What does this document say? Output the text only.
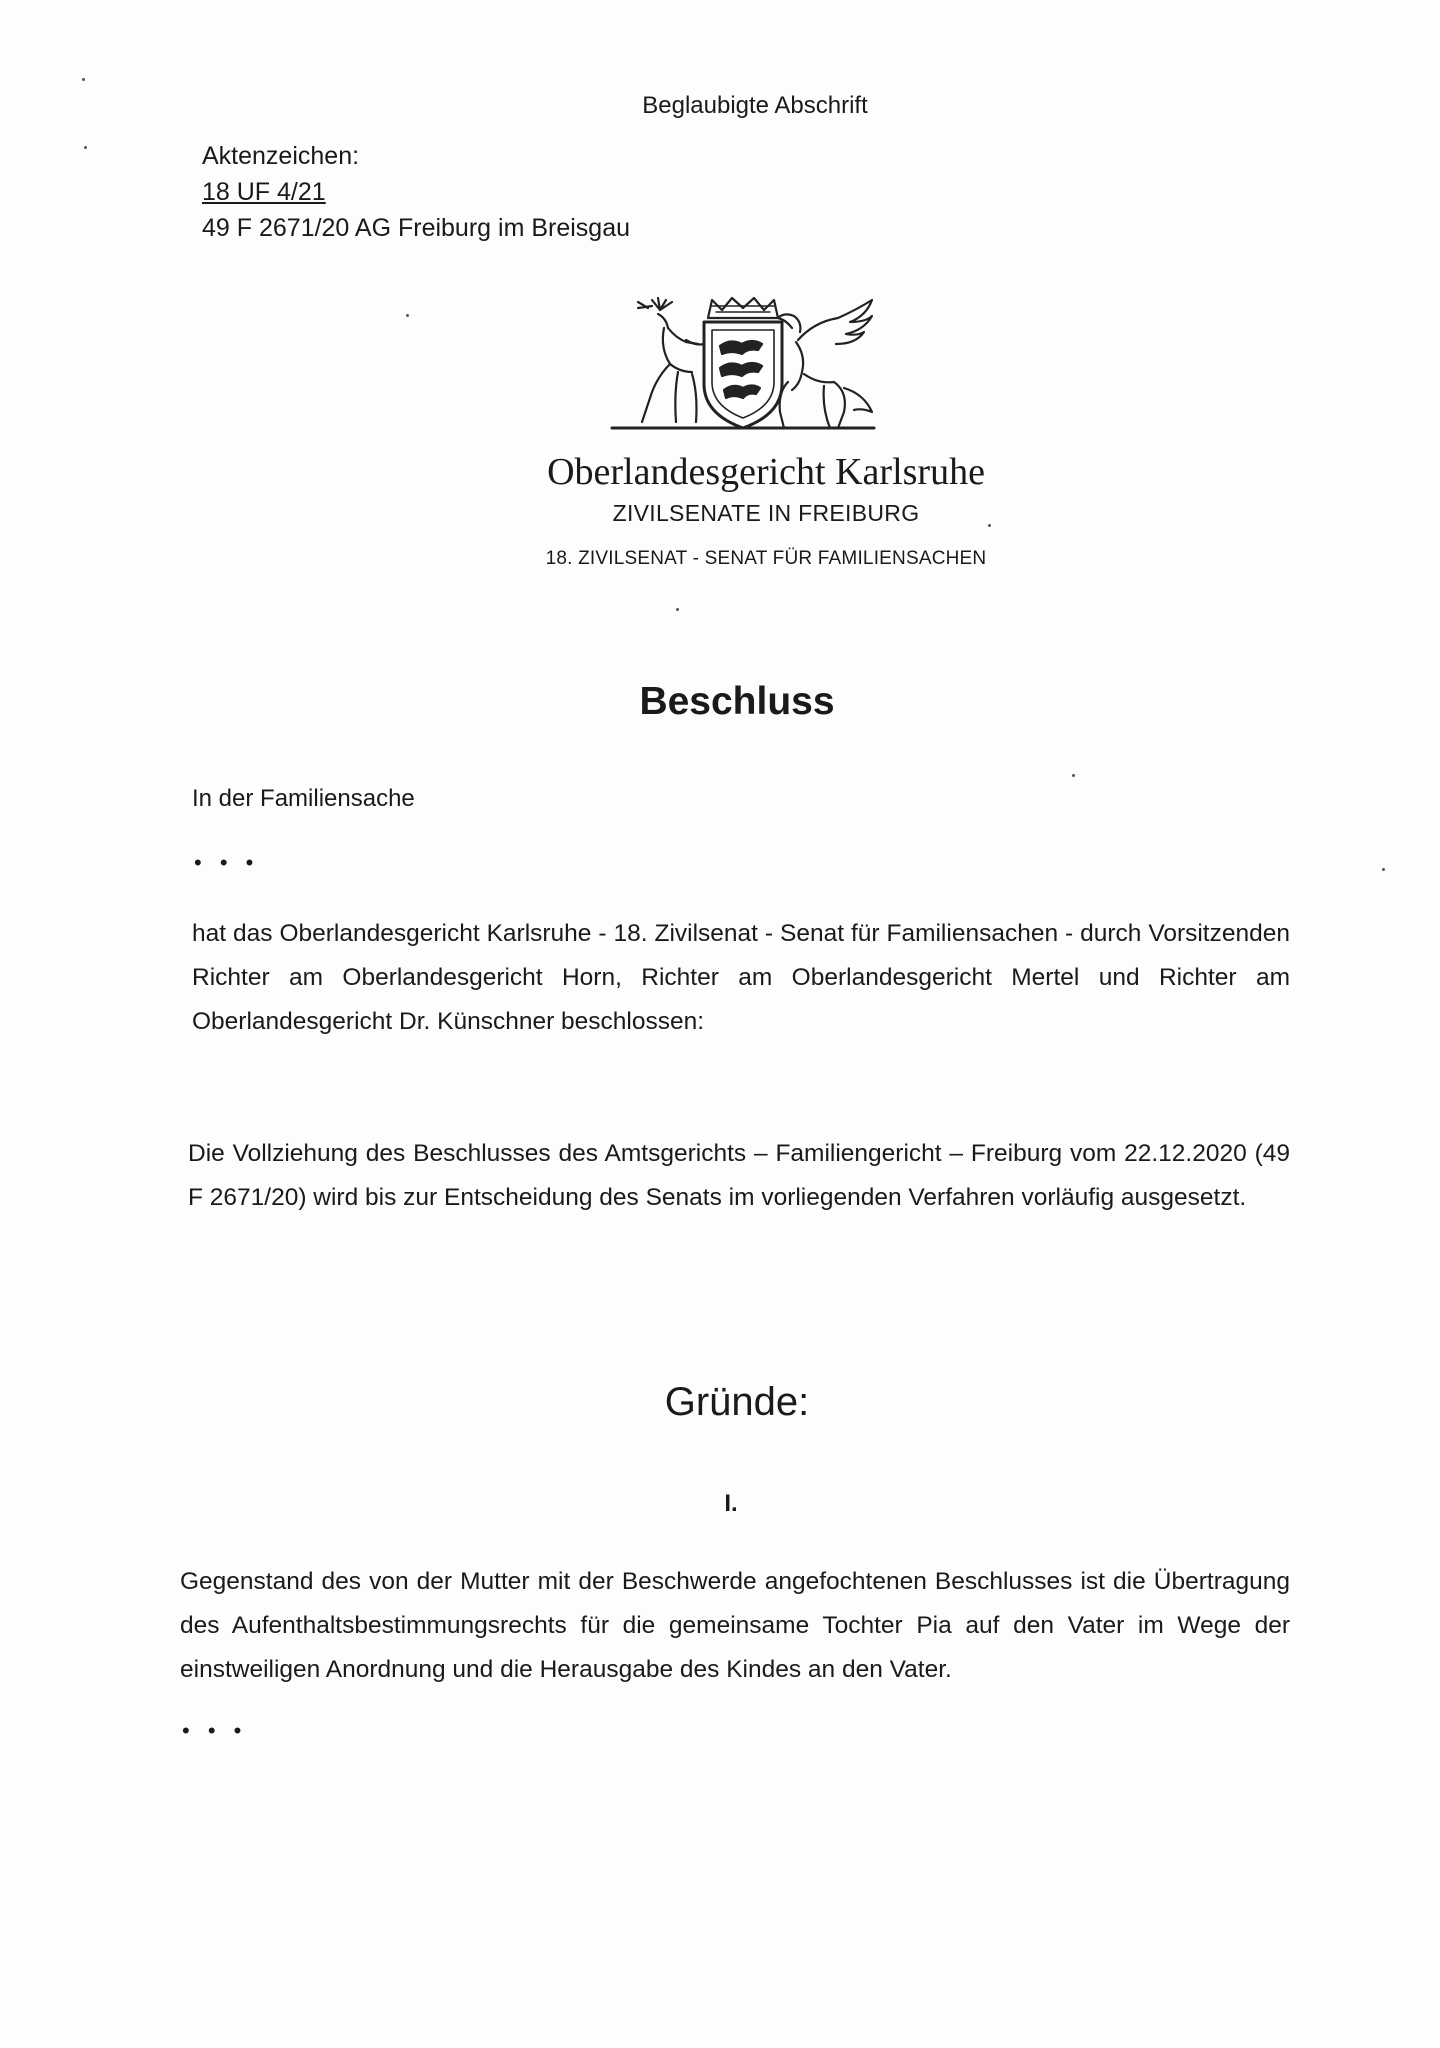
Beglaubigte Abschrift
Aktenzeichen:
18 UF 4/21
49 F 2671/20 AG Freiburg im Breisgau
Oberlandesgericht Karlsruhe
ZIVILSENATE IN FREIBURG
18. ZIVILSENAT - SENAT FÜR FAMILIENSACHEN
Beschluss
In der Familiensache
• • •
hat das Oberlandesgericht Karlsruhe - 18. Zivilsenat - Senat für Familiensachen - durch Vorsitzenden Richter am Oberlandesgericht Horn, Richter am Oberlandesgericht Mertel und Richter am Oberlandesgericht Dr. Künschner beschlossen:
Die Vollziehung des Beschlusses des Amtsgerichts – Familiengericht – Freiburg vom 22.12.2020 (49 F 2671/20) wird bis zur Entscheidung des Senats im vorliegenden Verfahren vorläufig ausgesetzt.
Gründe:
I.
Gegenstand des von der Mutter mit der Beschwerde angefochtenen Beschlusses ist die Übertragung des Aufenthaltsbestimmungsrechts für die gemeinsame Tochter Pia auf den Vater im Wege der einstweiligen Anordnung und die Herausgabe des Kindes an den Vater.
• • •
